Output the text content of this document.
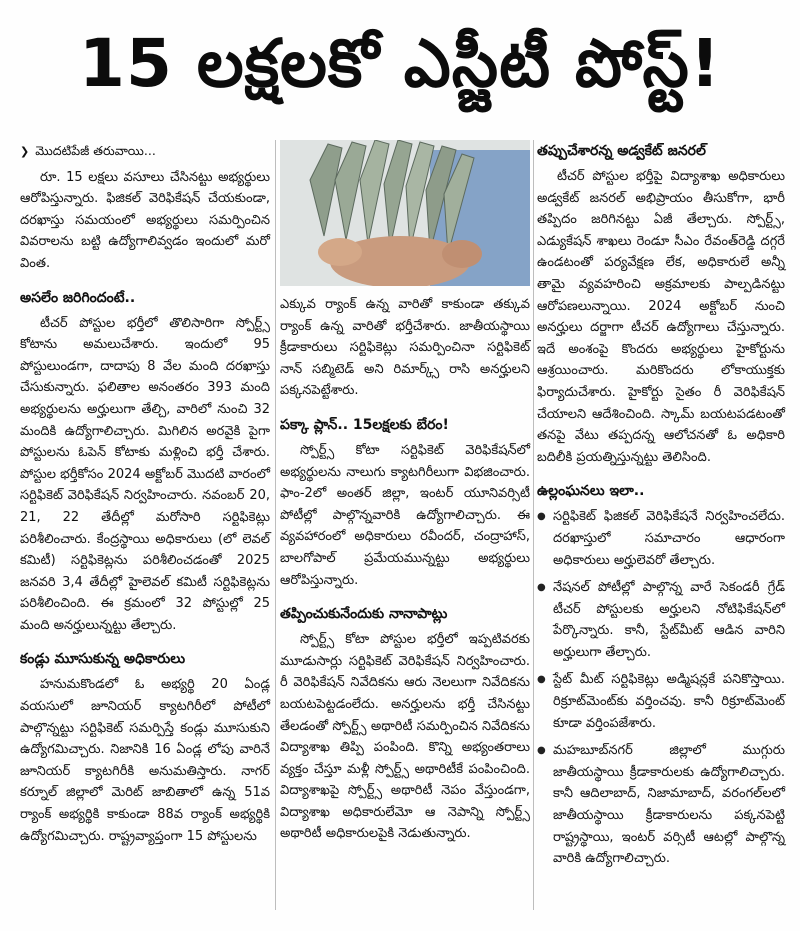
15 లక్షలకో ఎస్జీటీ పోస్ట్!

❯ మొదటిపేజీ తరువాయి...

రూ. 15 లక్షలు వసూలు చేసినట్టు అభ్యర్థులు ఆరోపిస్తున్నారు. ఫిజికల్ వెరిఫికేషన్ చేయకుండా, దరఖాస్తు సమయంలో అభ్యర్థులు సమర్పించిన వివరాలను బట్టి ఉద్యోగాలివ్వడం ఇందులో మరో వింత.

అసలేం జరిగిందంటే..

టీచర్ పోస్టుల భర్తీలో తొలిసారిగా స్పోర్ట్స్ కోటాను అమలుచేశారు. ఇందులో 95 పోస్టులుండగా, దాదాపు 8 వేల మంది దరఖాస్తు చేసుకున్నారు. ఫలితాల అనంతరం 393 మంది అభ్యర్థులను అర్హులుగా తేల్చి, వారిలో నుంచి 32 మందికి ఉద్యోగాలిచ్చారు. మిగిలిన అరవైకి పైగా పోస్టులను ఓపెన్ కోటాకు మళ్లించి భర్తీ చేశారు. పోస్టుల భర్తీకోసం 2024 అక్టోబర్ మొదటి వారంలో సర్టిఫికెట్ వెరిఫికేషన్ నిర్వహించారు. నవంబర్ 20, 21, 22 తేదీల్లో మరోసారి సర్టిఫికెట్లు పరిశీలించారు. కేంద్రస్థాయి అధికారులు (లో లెవల్ కమిటీ) సర్టిఫికెట్లను పరిశీలించడంతో 2025 జనవరి 3,4 తేదీల్లో హైలెవల్ కమిటీ సర్టిఫికెట్లను పరిశీలించింది. ఈ క్రమంలో 32 పోస్టుల్లో 25 మంది అనర్హులున్నట్టు తేల్చారు.

కండ్లు మూసుకున్న అధికారులు

హనుమకొండలో ఓ అభ్యర్థి 20 ఏండ్ల వయసులో జూనియర్ క్యాటగిరీలో పోటీలో పాల్గొన్నట్టు సర్టిఫికెట్ సమర్పిస్తే కండ్లు మూసుకుని ఉద్యోగమిచ్చారు. నిజానికి 16 ఏండ్ల లోపు వారినే జూనియర్ క్యాటగిరీకి అనుమతిస్తారు. నాగర్ కర్నూల్ జిల్లాలో మెరిట్ జాబితాలో ఉన్న 51వ ర్యాంక్ అభ్యర్థికి కాకుండా 88వ ర్యాంక్ అభ్యర్థికి ఉద్యోగమిచ్చారు. రాష్ట్రవ్యాప్తంగా 15 పోస్టులను

ఎక్కువ ర్యాంక్ ఉన్న వారితో కాకుండా తక్కువ ర్యాంక్ ఉన్న వారితో భర్తీచేశారు. జాతీయస్థాయి క్రీడాకారులు సర్టిఫికెట్లు సమర్పించినా సర్టిఫికెట్ నాన్ సబ్మిటెడ్ అని రిమార్క్స్ రాసి అనర్హులని పక్కనపెట్టేశారు.

పక్కా ప్లాన్.. 15లక్షలకు బేరం!

స్పోర్ట్స్ కోటా సర్టిఫికెట్ వెరిఫికేషన్‌లో అభ్యర్థులను నాలుగు క్యాటగిరీలుగా విభజించారు. ఫాం-2లో అంతర్ జిల్లా, ఇంటర్ యూనివర్సిటీ పోటీల్లో పాల్గొన్నవారికి ఉద్యోగాలిచ్చారు. ఈ వ్యవహారంలో అధికారులు రవీందర్, చంద్రాహాస్, బాలగోపాల్ ప్రమేయమున్నట్టు అభ్యర్థులు ఆరోపిస్తున్నారు.

తప్పించుకునేందుకు నానాపాట్లు

స్పోర్ట్స్ కోటా పోస్టుల భర్తీలో ఇప్పటివరకు మూడుసార్లు సర్టిఫికెట్ వెరిఫికేషన్ నిర్వహించారు. రీ వెరిఫికేషన్ నివేదికను ఆరు నెలలుగా నివేదికను బయటపెట్టడంలేదు. అనర్హులను భర్తీ చేసినట్టు తేలడంతో స్పోర్ట్స్ అథారిటీ సమర్పించిన నివేదికను విద్యాశాఖ తిప్పి పంపింది. కొన్ని అభ్యంతరాలు వ్యక్తం చేస్తూ మళ్లీ స్పోర్ట్స్ అథారిటీకే పంపించింది. విద్యాశాఖపై స్పోర్ట్స్ అథారిటీ నెపం వేస్తుండగా, విద్యాశాఖ అధికారులేమో ఆ నెపాన్ని స్పోర్ట్స్ అథారిటీ అధికారులపైకి నెడుతున్నారు.

తప్పుచేశారన్న అడ్వకేట్ జనరల్

టీచర్ పోస్టుల భర్తీపై విద్యాశాఖ అధికారులు అడ్వకేట్ జనరల్ అభిప్రాయం తీసుకోగా, భారీ తప్పిదం జరిగినట్టు ఏజీ తేల్చారు. స్పోర్ట్స్, ఎడ్యుకేషన్ శాఖలు రెండూ సీఎం రేవంత్‌రెడ్డి దగ్గరే ఉండటంతో పర్యవేక్షణ లేక, అధికారులే అన్నీ తామై వ్యవహరించి అక్రమాలకు పాల్పడినట్టు ఆరోపణలున్నాయి. 2024 అక్టోబర్ నుంచి అనర్హులు దర్జాగా టీచర్ ఉద్యోగాలు చేస్తున్నారు. ఇదే అంశంపై కొందరు అభ్యర్థులు హైకోర్టును ఆశ్రయించారు. మరికొందరు లోకాయుక్తకు ఫిర్యాదుచేశారు. హైకోర్టు సైతం రీ వెరిఫికేషన్ చేయాలని ఆదేశించింది. స్కామ్ బయటపడటంతో తనపై వేటు తప్పదన్న ఆలోచనతో ఓ అధికారి బదిలీకి ప్రయత్నిస్తున్నట్టు తెలిసింది.

ఉల్లంఘనలు ఇలా..
● సర్టిఫికెట్ ఫిజికల్ వెరిఫికేషనే నిర్వహించలేదు. దరఖాస్తులో సమాచారం ఆధారంగా అధికారులు అర్హులెవరో తేల్చారు.
● నేషనల్ పోటీల్లో పాల్గొన్న వారే సెకండరీ గ్రేడ్ టీచర్ పోస్టులకు అర్హులని నోటిఫికేషన్‌లో పేర్కొన్నారు. కానీ, స్టేట్‌మీట్ ఆడిన వారిని అర్హులుగా తేల్చారు.
● స్టేట్ మీట్ సర్టిఫికెట్లు అడ్మిషన్లకే పనికొస్తాయి. రిక్రూట్‌మెంట్‌కు వర్తించవు. కానీ రిక్రూట్‌మెంట్ కూడా వర్తింపజేశారు.
● మహబూబ్‌నగర్ జిల్లాలో ముగ్గురు జాతీయస్థాయి క్రీడాకారులకు ఉద్యోగాలిచ్చారు. కానీ ఆదిలాబాద్, నిజామాబాద్, వరంగల్‌లలో జాతీయస్థాయి క్రీడాకారులను పక్కనపెట్టి రాష్ట్రస్థాయి, ఇంటర్ వర్సిటీ ఆటల్లో పాల్గొన్న వారికి ఉద్యోగాలిచ్చారు.
